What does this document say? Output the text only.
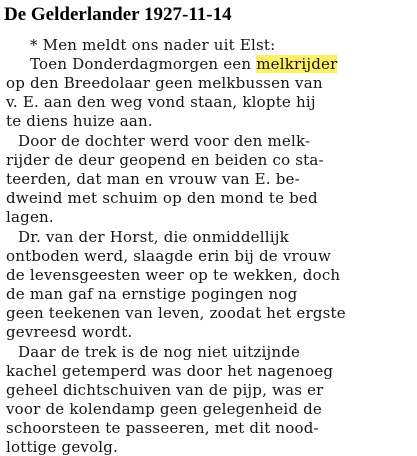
De Gelderlander 1927-11-14
* Men meldt ons nader uit Elst:
Toen Donderdagmorgen een melkrijder
op den Breedolaar geen melkbussen van
v. E. aan den weg vond staan, klopte hij
te diens huize aan.
Door de dochter werd voor den melk-
rijder de deur geopend en beiden co sta-
teerden, dat man en vrouw van E. be-
dweind met schuim op den mond te bed
lagen.
Dr. van der Horst, die onmiddellijk
ontboden werd, slaagde erin bij de vrouw
de levensgeesten weer op te wekken, doch
de man gaf na ernstige pogingen nog
geen teekenen van leven, zoodat het ergste
gevreesd wordt.
Daar de trek is de nog niet uitzijnde
kachel getemperd was door het nagenoeg
geheel dichtschuiven van de pijp, was er
voor de kolendamp geen gelegenheid de
schoorsteen te passeeren, met dit nood-
lottige gevolg.
